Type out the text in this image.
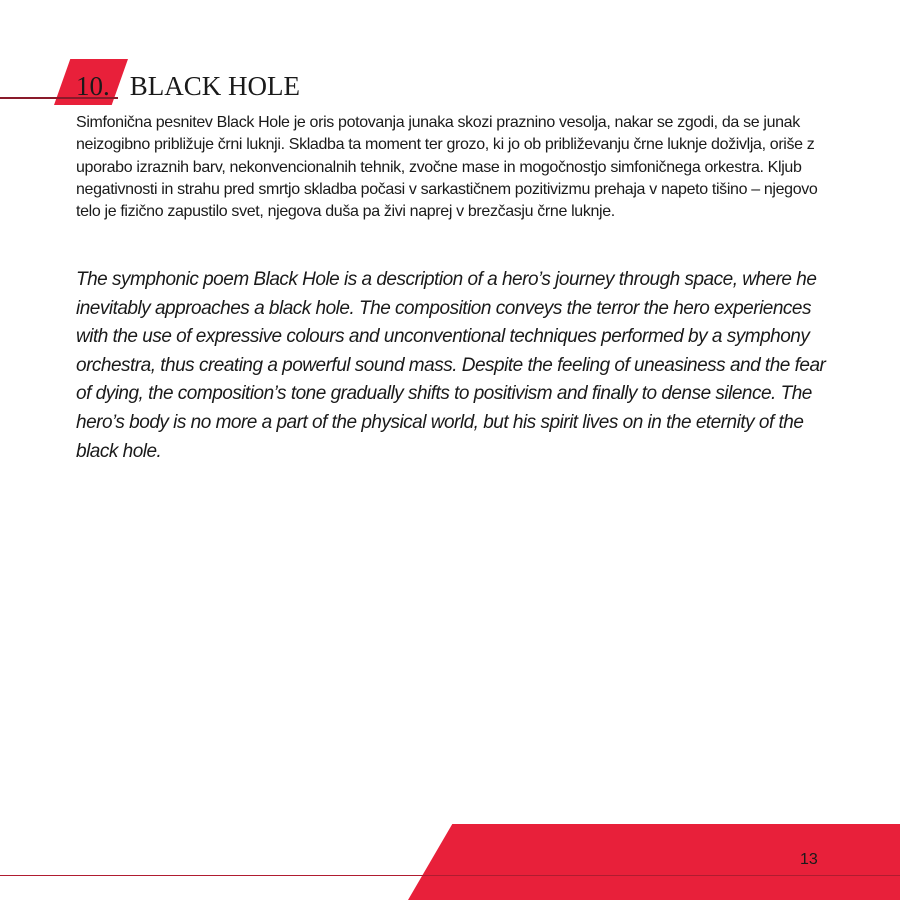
10. BLACK HOLE

Simfonična pesnitev Black Hole je oris potovanja junaka skozi praznino vesolja, nakar se zgodi, da se junak neizogibno približuje črni luknji. Skladba ta moment ter grozo, ki jo ob približevanju črne luknje doživlja, oriše z uporabo izraznih barv, nekonvencionalnih tehnik, zvočne mase in mogočnostjo simfoničnega orkestra. Kljub negativnosti in strahu pred smrtjo skladba počasi v sarkastičnem pozitivizmu prehaja v napeto tišino – njegovo telo je fizično zapustilo svet, njegova duša pa živi naprej v brezčasju črne luknje.

The symphonic poem Black Hole is a description of a hero’s journey through space, where he inevitably approaches a black hole. The composition conveys the terror the hero experiences with the use of expressive colours and unconventional techniques performed by a symphony orchestra, thus creating a powerful sound mass. Despite the feeling of uneasiness and the fear of dying, the composition’s tone gradually shifts to positivism and finally to dense silence. The hero’s body is no more a part of the physical world, but his spirit lives on in the eternity of the black hole.

13
